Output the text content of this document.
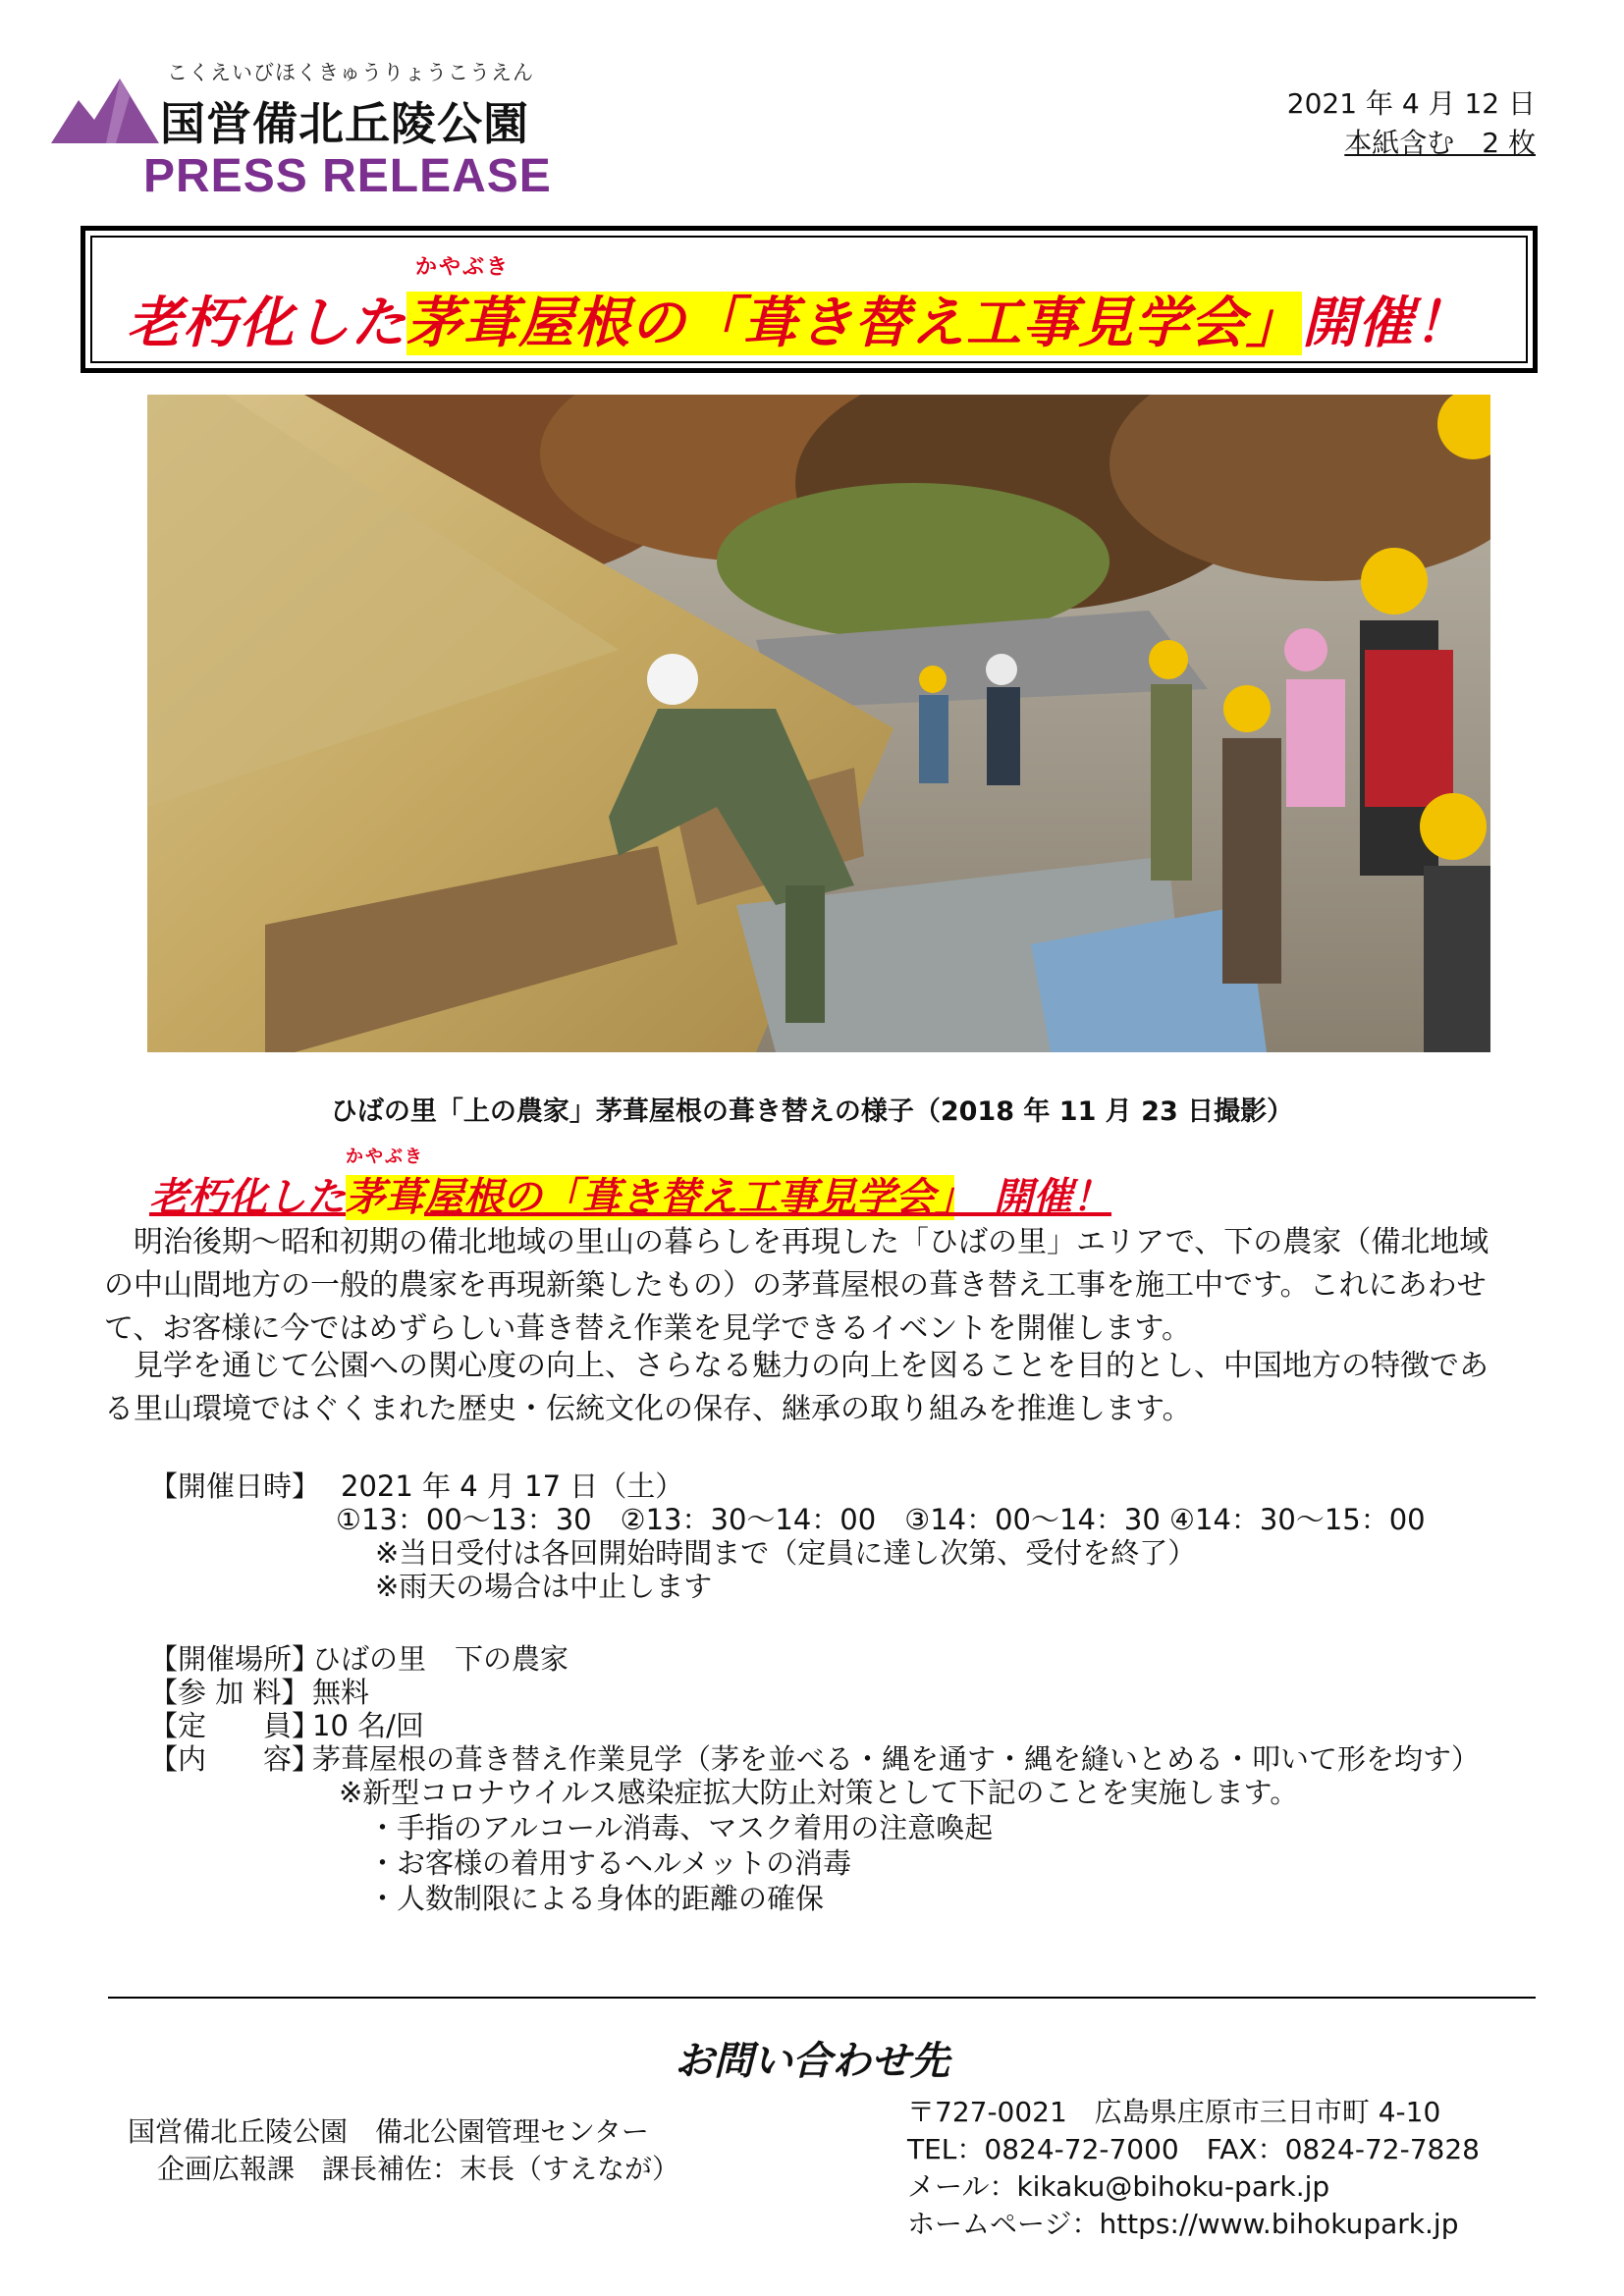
こくえいびほくきゅうりょうこうえん
国営備北丘陵公園
PRESS RELEASE
2021 年 4 月 12 日
本紙含む　2 枚
老朽化した
かやぶき
茅葺屋根の「葺き替え工事見学会」開催！
ひばの里「上の農家」茅葺屋根の葺き替えの様子（2018 年 11 月 23 日撮影）
老朽化した
かやぶき
茅葺屋根の「葺き替え工事見学会」　 開催！
明治後期～昭和初期の備北地域の里山の暮らしを再現した「ひばの里」エリアで、下の農家（備北地域
の中山間地方の一般的農家を再現新築したもの）の茅葺屋根の葺き替え工事を施工中です。これにあわせ
て、お客様に今ではめずらしい葺き替え作業を見学できるイベントを開催します。
見学を通じて公園への関心度の向上、さらなる魅力の向上を図ることを目的とし、中国地方の特徴であ
る里山環境ではぐくまれた歴史・伝統文化の保存、継承の取り組みを推進します。
【開催日時】 2021 年 4 月 17 日（土）
①13：00～13：30　②13：30～14：00　③14：00～14：30 ④14：30～15：00
※当日受付は各回開始時間まで（定員に達し次第、受付を終了）
※雨天の場合は中止します
【開催場所】
ひばの里　下の農家
【参 加 料】 無料
【定　　員】
10 名/回
【内　　容】
茅葺屋根の葺き替え作業見学（茅を並べる・縄を通す・縄を縫いとめる・叩いて形を均す）
※新型コロナウイルス感染症拡大防止対策として下記のことを実施します。
・手指のアルコール消毒、マスク着用の注意喚起
・お客様の着用するヘルメットの消毒
・人数制限による身体的距離の確保
お問い合わせ先
国営備北丘陵公園　備北公園管理センター
企画広報課　課長補佐：末長（すえなが）
〒727-0021　広島県庄原市三日市町 4-10
TEL：0824-72-7000　FAX：0824-72-7828
メール：kikaku@bihoku-park.jp
ホームページ：https://www.bihokupark.jp
